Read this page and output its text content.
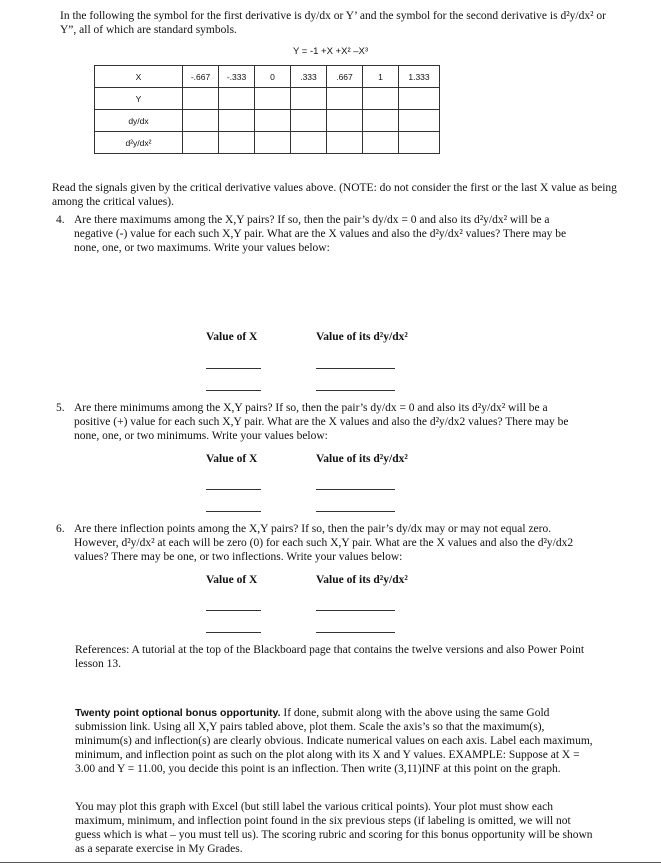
In the following the symbol for the first derivative is dy/dx or Y’ and the symbol for the second derivative is d²y/dx² or Y”, all of which are standard symbols.
Y = -1 +X +X² –X³
X	-.667	-.333	0	.333	.667	1	1.333
Y							
dy/dx							
d²y/dx²							
Read the signals given by the critical derivative values above. (NOTE: do not consider the first or the last X value as being among the critical values).
4. Are there maximums among the X,Y pairs? If so, then the pair’s dy/dx = 0 and also its d²y/dx² will be a negative (-) value for each such X,Y pair. What are the X values and also the d²y/dx² values? There may be none, one, or two maximums. Write your values below:
Value of X	Value of its d²y/dx²
5. Are there minimums among the X,Y pairs? If so, then the pair’s dy/dx = 0 and also its d²y/dx² will be a positive (+) value for each such X,Y pair. What are the X values and also the d²y/dx2 values? There may be none, one, or two minimums. Write your values below:
Value of X	Value of its d²y/dx²
6. Are there inflection points among the X,Y pairs? If so, then the pair’s dy/dx may or may not equal zero. However, d²y/dx² at each will be zero (0) for each such X,Y pair. What are the X values and also the d²y/dx2 values? There may be one, or two inflections. Write your values below:
Value of X	Value of its d²y/dx²
References: A tutorial at the top of the Blackboard page that contains the twelve versions and also Power Point lesson 13.
Twenty point optional bonus opportunity. If done, submit along with the above using the same Gold submission link. Using all X,Y pairs tabled above, plot them. Scale the axis’s so that the maximum(s), minimum(s) and inflection(s) are clearly obvious. Indicate numerical values on each axis. Label each maximum, minimum, and inflection point as such on the plot along with its X and Y values. EXAMPLE: Suppose at X = 3.00 and Y = 11.00, you decide this point is an inflection. Then write (3,11)INF at this point on the graph.
You may plot this graph with Excel (but still label the various critical points). Your plot must show each maximum, minimum, and inflection point found in the six previous steps (if labeling is omitted, we will not guess which is what – you must tell us). The scoring rubric and scoring for this bonus opportunity will be shown as a separate exercise in My Grades.
